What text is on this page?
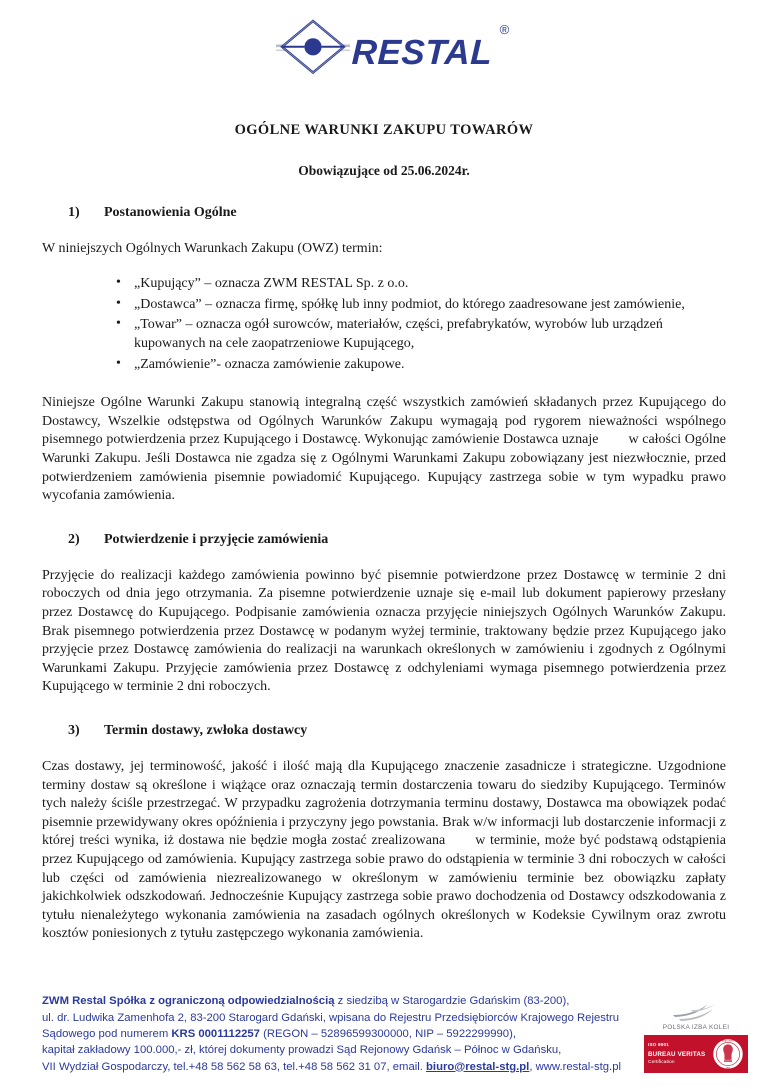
RESTAL
®
OGÓLNE WARUNKI ZAKUPU TOWARÓW
Obowiązujące od 25.06.2024r.
1)	Postanowienia Ogólne

W niniejszych Ogólnych Warunkach Zakupu (OWZ) termin:

• „Kupujący” – oznacza ZWM RESTAL Sp. z o.o.
• „Dostawca” – oznacza firmę, spółkę lub inny podmiot, do którego zaadresowane jest zamówienie,
• „Towar” – oznacza ogół surowców, materiałów, części, prefabrykatów, wyrobów lub urządzeń kupowanych na cele zaopatrzeniowe Kupującego,
• „Zamówienie”- oznacza zamówienie zakupowe.

Niniejsze Ogólne Warunki Zakupu stanowią integralną część wszystkich zamówień składanych przez Kupującego do Dostawcy, Wszelkie odstępstwa od Ogólnych Warunków Zakupu wymagają pod rygorem nieważności wspólnego pisemnego potwierdzenia przez Kupującego i Dostawcę. Wykonując zamówienie Dostawca uznaje w całości Ogólne Warunki Zakupu. Jeśli Dostawca nie zgadza się z Ogólnymi Warunkami Zakupu zobowiązany jest niezwłocznie, przed potwierdzeniem zamówienia pisemnie powiadomić Kupującego. Kupujący zastrzega sobie w tym wypadku prawo wycofania zamówienia.

2)	Potwierdzenie i przyjęcie zamówienia

Przyjęcie do realizacji każdego zamówienia powinno być pisemnie potwierdzone przez Dostawcę w terminie 2 dni roboczych od dnia jego otrzymania. Za pisemne potwierdzenie uznaje się e-mail lub dokument papierowy przesłany przez Dostawcę do Kupującego. Podpisanie zamówienia oznacza przyjęcie niniejszych Ogólnych Warunków Zakupu. Brak pisemnego potwierdzenia przez Dostawcę w podanym wyżej terminie, traktowany będzie przez Kupującego jako przyjęcie przez Dostawcę zamówienia do realizacji na warunkach określonych w zamówieniu i zgodnych z Ogólnymi Warunkami Zakupu. Przyjęcie zamówienia przez Dostawcę z odchyleniami wymaga pisemnego potwierdzenia przez Kupującego w terminie 2 dni roboczych.

3)	Termin dostawy, zwłoka dostawcy

Czas dostawy, jej terminowość, jakość i ilość mają dla Kupującego znaczenie zasadnicze i strategiczne. Uzgodnione terminy dostaw są określone i wiążące oraz oznaczają termin dostarczenia towaru do siedziby Kupującego. Terminów tych należy ściśle przestrzegać. W przypadku zagrożenia dotrzymania terminu dostawy, Dostawca ma obowiązek podać pisemnie przewidywany okres opóźnienia i przyczyny jego powstania. Brak w/w informacji lub dostarczenie informacji z której treści wynika, iż dostawa nie będzie mogła zostać zrealizowana w terminie, może być podstawą odstąpienia przez Kupującego od zamówienia. Kupujący zastrzega sobie prawo do odstąpienia w terminie 3 dni roboczych w całości lub części od zamówienia niezrealizowanego w określonym w zamówieniu terminie bez obowiązku zapłaty jakichkolwiek odszkodowań. Jednocześnie Kupujący zastrzega sobie prawo dochodzenia od Dostawcy odszkodowania z tytułu nienależytego wykonania zamówienia na zasadach ogólnych określonych w Kodeksie Cywilnym oraz zwrotu kosztów poniesionych z tytułu zastępczego wykonania zamówienia.

ZWM Restal Spółka z ograniczoną odpowiedzialnością z siedzibą w Starogardzie Gdańskim (83-200),
ul. dr. Ludwika Zamenhofa 2, 83-200 Starogard Gdański, wpisana do Rejestru Przedsiębiorców Krajowego Rejestru
Sądowego pod numerem KRS 0001112257 (REGON – 52896599300000, NIP – 5922299990),
kapitał zakładowy 100.000,- zł, której dokumenty prowadzi Sąd Rejonowy Gdańsk – Północ w Gdańsku,
VII Wydział Gospodarczy, tel.+48 58 562 58 63, tel.+48 58 562 31 07, email. biuro@restal-stg.pl, www.restal-stg.pl
POLSKA IZBA KOLEI
ISO 9001
BUREAU VERITAS
Certification
BUREAU VERITAS
1828
